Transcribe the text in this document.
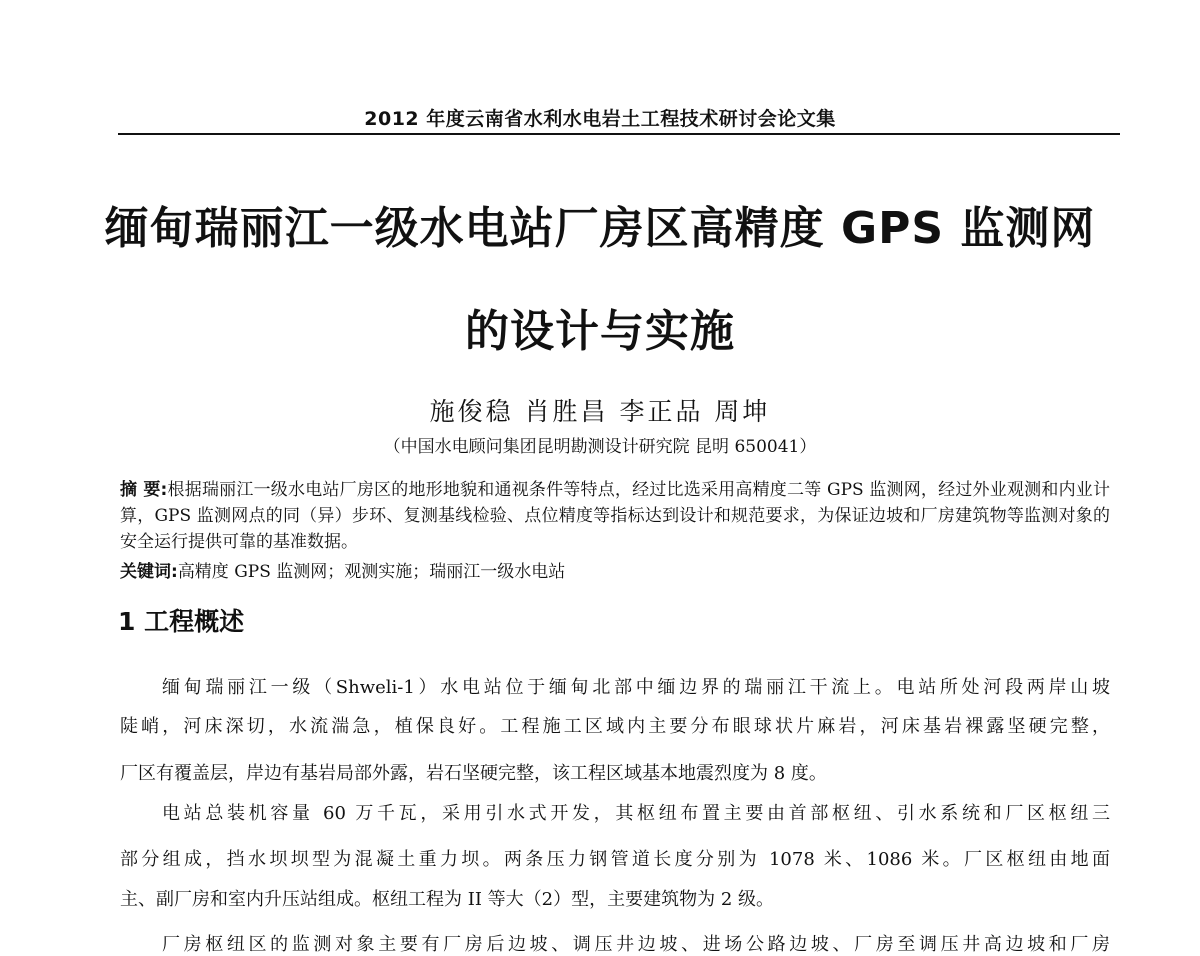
2012 年度云南省水利水电岩土工程技术研讨会论文集
缅甸瑞丽江一级水电站厂房区高精度 GPS 监测网
的设计与实施
施俊稳 肖胜昌 李正品 周坤
（中国水电顾问集团昆明勘测设计研究院 昆明 650041）
摘 要:根据瑞丽江一级水电站厂房区的地形地貌和通视条件等特点，经过比选采用高精度二等 GPS 监测网，经过外业观测和内业计算，GPS 监测网点的同（异）步环、复测基线检验、点位精度等指标达到设计和规范要求，为保证边坡和厂房建筑物等监测对象的安全运行提供可靠的基准数据。
关键词:高精度 GPS 监测网；观测实施；瑞丽江一级水电站
1 工程概述
缅甸瑞丽江一级（Shweli-1）水电站位于缅甸北部中缅边界的瑞丽江干流上。电站所处河段两岸山坡
陡峭，河床深切，水流湍急，植保良好。工程施工区域内主要分布眼球状片麻岩，河床基岩裸露坚硬完整，
厂区有覆盖层，岸边有基岩局部外露，岩石坚硬完整，该工程区域基本地震烈度为 8 度。
电站总装机容量 60 万千瓦，采用引水式开发，其枢纽布置主要由首部枢纽、引水系统和厂区枢纽三
部分组成，挡水坝坝型为混凝土重力坝。两条压力钢管道长度分别为 1078 米、1086 米。厂区枢纽由地面
主、副厂房和室内升压站组成。枢纽工程为 II 等大（2）型，主要建筑物为 2 级。
厂房枢纽区的监测对象主要有厂房后边坡、调压井边坡、进场公路边坡、厂房至调压井高边坡和厂房
